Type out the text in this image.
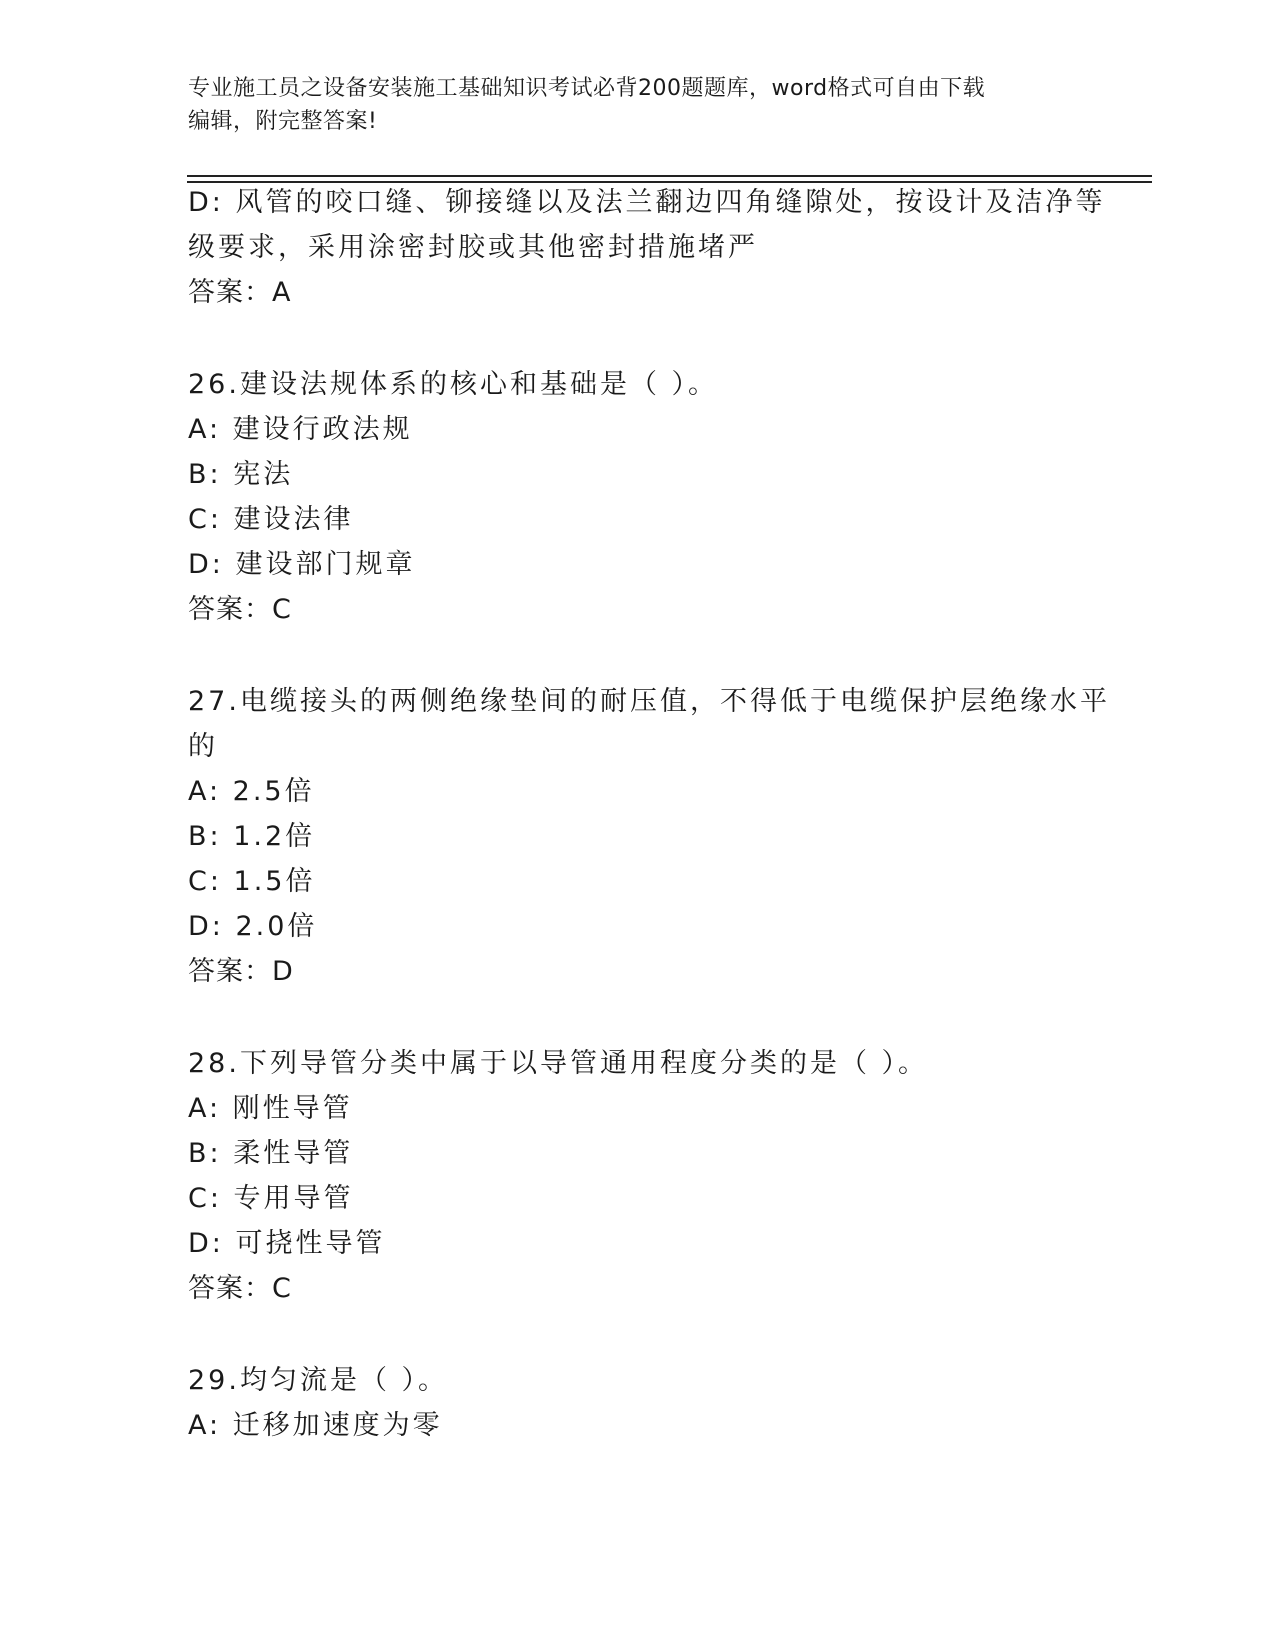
专业施工员之设备安装施工基础知识考试必背200题题库，word格式可自由下载
编辑，附完整答案!
D: 风管的咬口缝、铆接缝以及法兰翻边四角缝隙处，按设计及洁净等
级要求，采用涂密封胶或其他密封措施堵严
答案：A
26.建设法规体系的核心和基础是（ ）。
A: 建设行政法规
B: 宪法
C: 建设法律
D: 建设部门规章
答案：C
27.电缆接头的两侧绝缘垫间的耐压值，不得低于电缆保护层绝缘水平
的
A: 2.5倍
B: 1.2倍
C: 1.5倍
D: 2.0倍
答案：D
28.下列导管分类中属于以导管通用程度分类的是（ ）。
A: 刚性导管
B: 柔性导管
C: 专用导管
D: 可挠性导管
答案：C
29.均匀流是（ ）。
A: 迁移加速度为零
